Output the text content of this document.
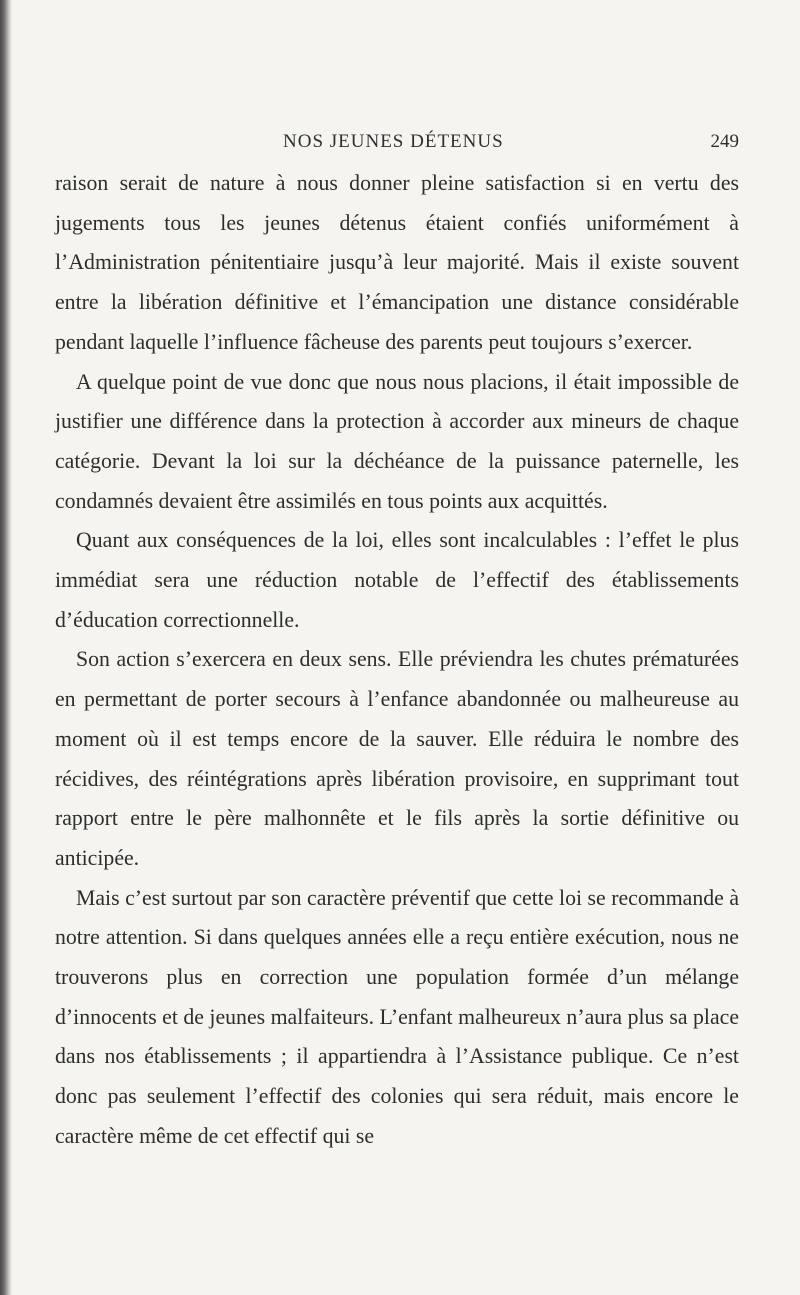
NOS JEUNES DÉTENUS	249

raison serait de nature à nous donner pleine satisfaction si en vertu des jugements tous les jeunes détenus étaient confiés uniformément à l’Administration pénitentiaire jusqu’à leur majorité. Mais il existe souvent entre la libération définitive et l’émancipation une distance considérable pendant laquelle l’influence fâcheuse des parents peut toujours s’exercer.

A quelque point de vue donc que nous nous placions, il était impossible de justifier une différence dans la protection à accorder aux mineurs de chaque catégorie. Devant la loi sur la déchéance de la puissance paternelle, les condamnés devaient être assimilés en tous points aux acquittés.

Quant aux conséquences de la loi, elles sont incalculables : l’effet le plus immédiat sera une réduction notable de l’effectif des établissements d’éducation correctionnelle.

Son action s’exercera en deux sens. Elle préviendra les chutes prématurées en permettant de porter secours à l’enfance abandonnée ou malheureuse au moment où il est temps encore de la sauver. Elle réduira le nombre des récidives, des réintégrations après libération provisoire, en supprimant tout rapport entre le père malhonnête et le fils après la sortie définitive ou anticipée.

Mais c’est surtout par son caractère préventif que cette loi se recommande à notre attention. Si dans quelques années elle a reçu entière exécution, nous ne trouverons plus en correction une population formée d’un mélange d’innocents et de jeunes malfaiteurs. L’enfant malheureux n’aura plus sa place dans nos établissements ; il appartiendra à l’Assistance publique. Ce n’est donc pas seulement l’effectif des colonies qui sera réduit, mais encore le caractère même de cet effectif qui se
